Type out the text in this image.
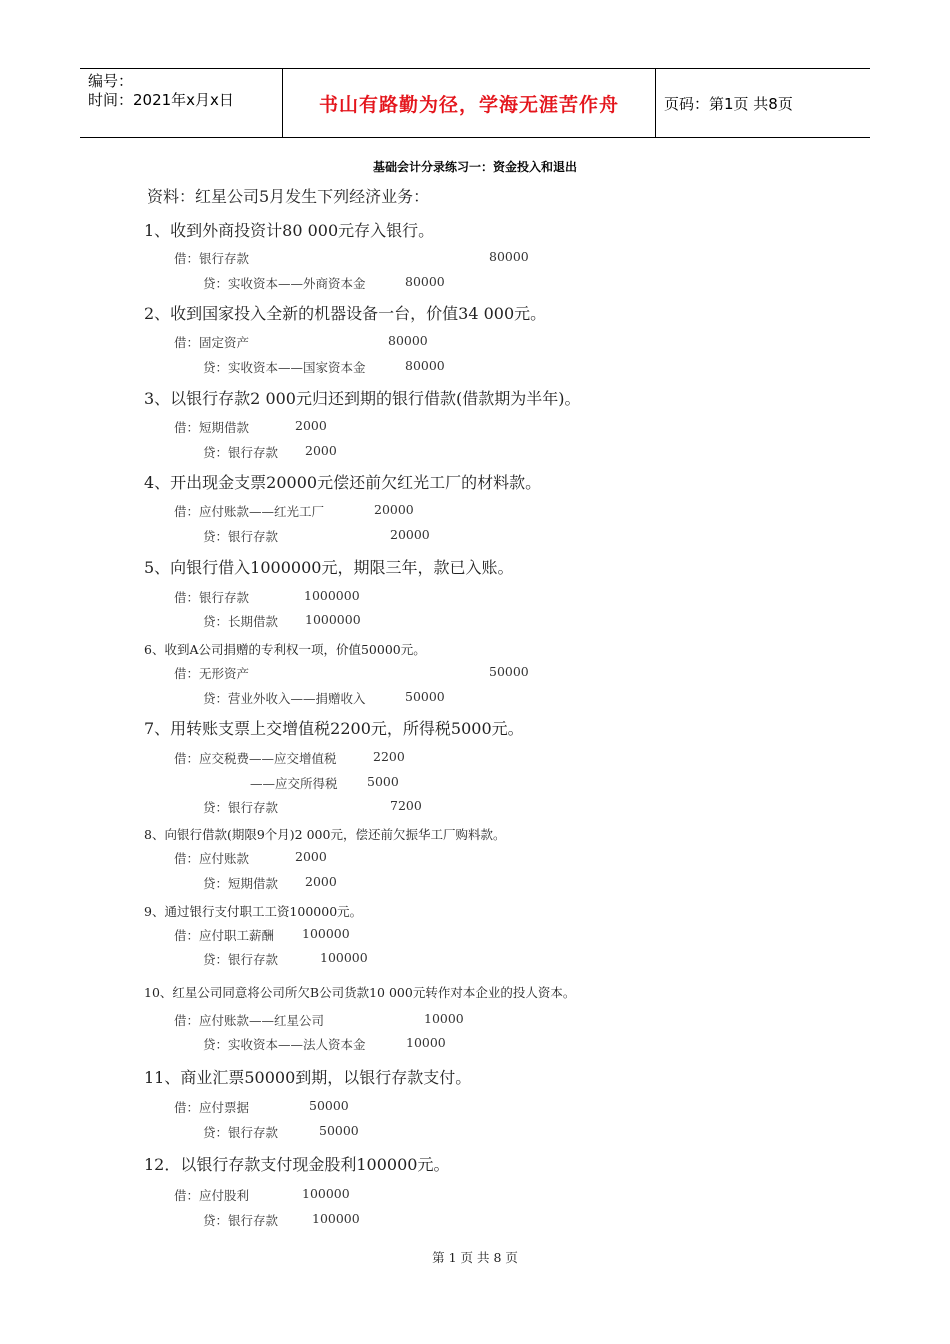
编号：
时间：2021年x月x日	书山有路勤为径，学海无涯苦作舟	页码：第1页 共8页
基础会计分录练习一：资金投入和退出
资料：红星公司5月发生下列经济业务：
1、收到外商投资计80 000元存入银行。
借：银行存款	80000
贷：实收资本——外商资本金	80000
2、收到国家投入全新的机器设备一台，价值34 000元。
借：固定资产	80000
贷：实收资本——国家资本金	80000
3、以银行存款2 000元归还到期的银行借款(借款期为半年)。
借：短期借款	2000
贷：银行存款 2000
4、开出现金支票20000元偿还前欠红光工厂的材料款。
借：应付账款——红光工厂	20000
贷：银行存款	20000
5、向银行借入1000000元，期限三年，款已入账。
借：银行存款	1000000
贷：长期借款 1000000
6、收到A公司捐赠的专利权一项，价值50000元。
借：无形资产	50000
贷：营业外收入——捐赠收入	50000
7、用转账支票上交增值税2200元，所得税5000元。
借：应交税费——应交增值税	2200
——应交所得税 5000
贷：银行存款	7200
8、向银行借款(期限9个月)2 000元，偿还前欠振华工厂购料款。
借：应付账款	2000
贷：短期借款 2000
9、通过银行支付职工工资100000元。
借：应付职工薪酬 100000
贷：银行存款	100000
10、红星公司同意将公司所欠B公司货款10 000元转作对本企业的投人资本。
借：应付账款——红星公司	10000
贷：实收资本——法人资本金	10000
11、商业汇票50000到期，以银行存款支付。
借：应付票据	50000
贷：银行存款	50000
12．以银行存款支付现金股利100000元。
借：应付股利	100000
贷：银行存款	100000
第 1 页 共 8 页
